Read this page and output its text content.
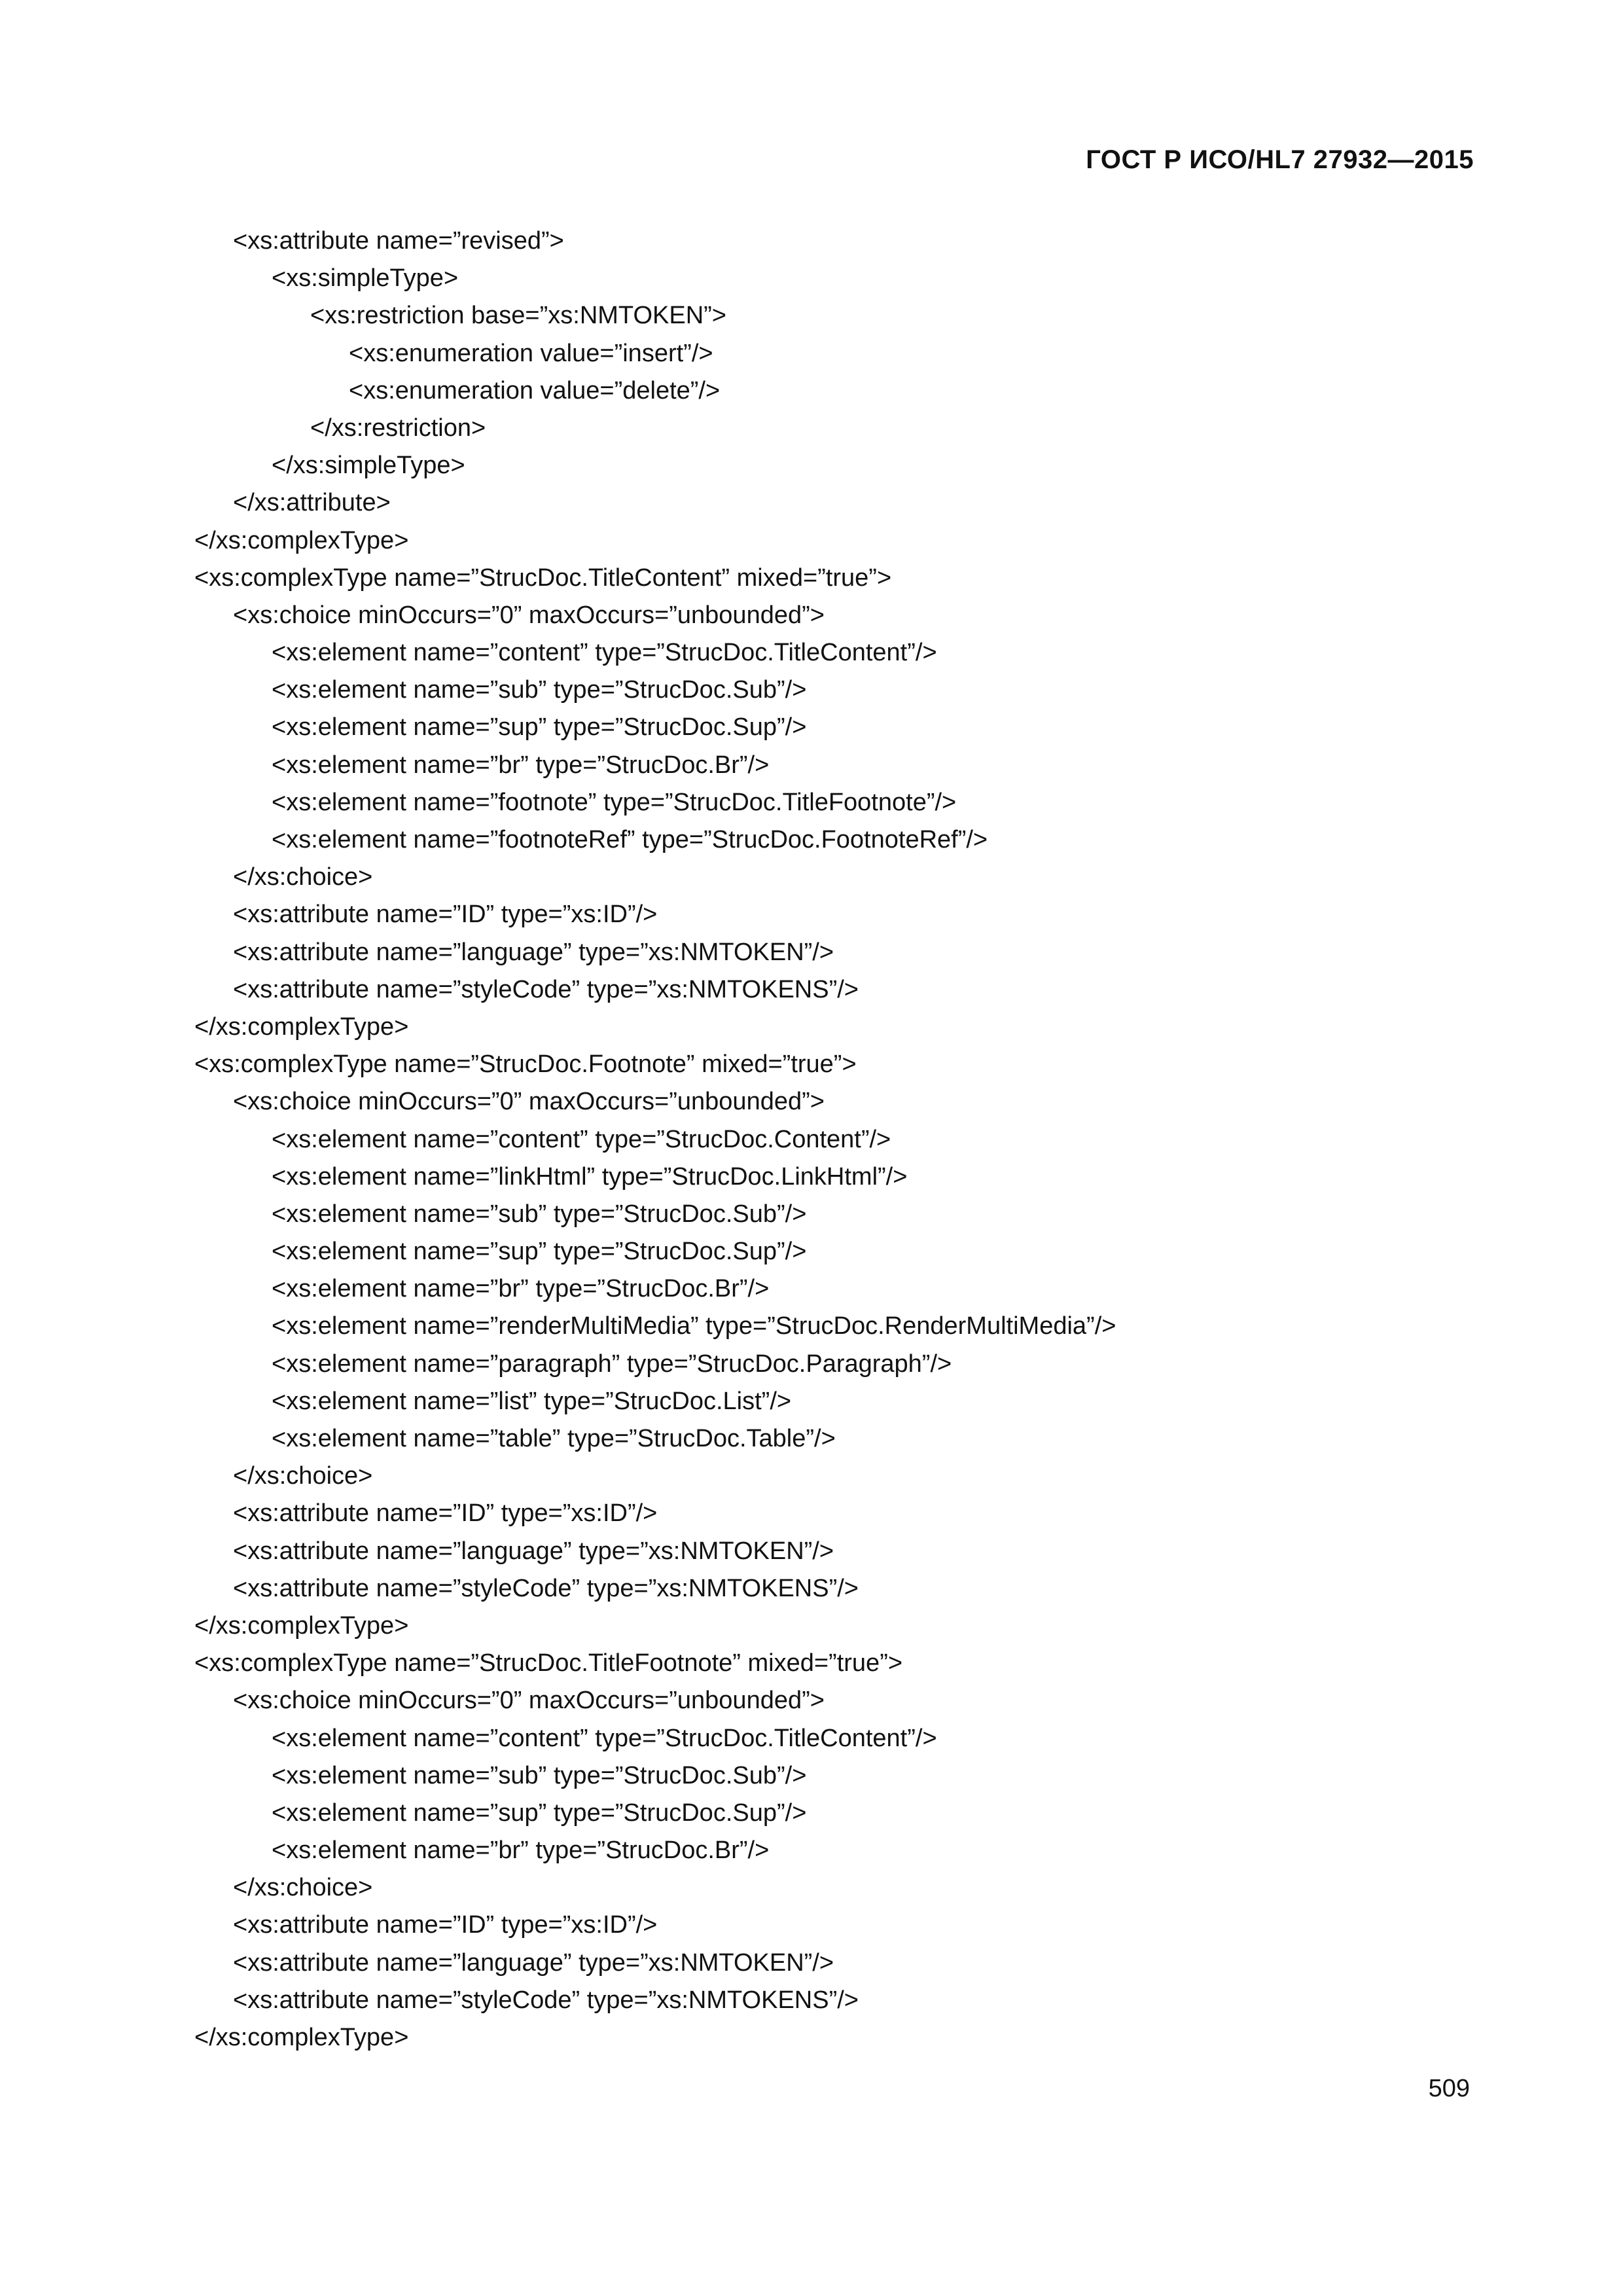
ГОСТ Р ИСО/HL7 27932—2015
<xs:attribute name=”revised”>
<xs:simpleType>
<xs:restriction base=”xs:NMTOKEN”>
<xs:enumeration value=”insert”/>
<xs:enumeration value=”delete”/>
</xs:restriction>
</xs:simpleType>
</xs:attribute>
</xs:complexType>
<xs:complexType name=”StrucDoc.TitleContent” mixed=”true”>
<xs:choice minOccurs=”0” maxOccurs=”unbounded”>
<xs:element name=”content” type=”StrucDoc.TitleContent”/>
<xs:element name=”sub” type=”StrucDoc.Sub”/>
<xs:element name=”sup” type=”StrucDoc.Sup”/>
<xs:element name=”br” type=”StrucDoc.Br”/>
<xs:element name=”footnote” type=”StrucDoc.TitleFootnote”/>
<xs:element name=”footnoteRef” type=”StrucDoc.FootnoteRef”/>
</xs:choice>
<xs:attribute name=”ID” type=”xs:ID”/>
<xs:attribute name=”language” type=”xs:NMTOKEN”/>
<xs:attribute name=”styleCode” type=”xs:NMTOKENS”/>
</xs:complexType>
<xs:complexType name=”StrucDoc.Footnote” mixed=”true”>
<xs:choice minOccurs=”0” maxOccurs=”unbounded”>
<xs:element name=”content” type=”StrucDoc.Content”/>
<xs:element name=”linkHtml” type=”StrucDoc.LinkHtml”/>
<xs:element name=”sub” type=”StrucDoc.Sub”/>
<xs:element name=”sup” type=”StrucDoc.Sup”/>
<xs:element name=”br” type=”StrucDoc.Br”/>
<xs:element name=”renderMultiMedia” type=”StrucDoc.RenderMultiMedia”/>
<xs:element name=”paragraph” type=”StrucDoc.Paragraph”/>
<xs:element name=”list” type=”StrucDoc.List”/>
<xs:element name=”table” type=”StrucDoc.Table”/>
</xs:choice>
<xs:attribute name=”ID” type=”xs:ID”/>
<xs:attribute name=”language” type=”xs:NMTOKEN”/>
<xs:attribute name=”styleCode” type=”xs:NMTOKENS”/>
</xs:complexType>
<xs:complexType name=”StrucDoc.TitleFootnote” mixed=”true”>
<xs:choice minOccurs=”0” maxOccurs=”unbounded”>
<xs:element name=”content” type=”StrucDoc.TitleContent”/>
<xs:element name=”sub” type=”StrucDoc.Sub”/>
<xs:element name=”sup” type=”StrucDoc.Sup”/>
<xs:element name=”br” type=”StrucDoc.Br”/>
</xs:choice>
<xs:attribute name=”ID” type=”xs:ID”/>
<xs:attribute name=”language” type=”xs:NMTOKEN”/>
<xs:attribute name=”styleCode” type=”xs:NMTOKENS”/>
</xs:complexType>
509
